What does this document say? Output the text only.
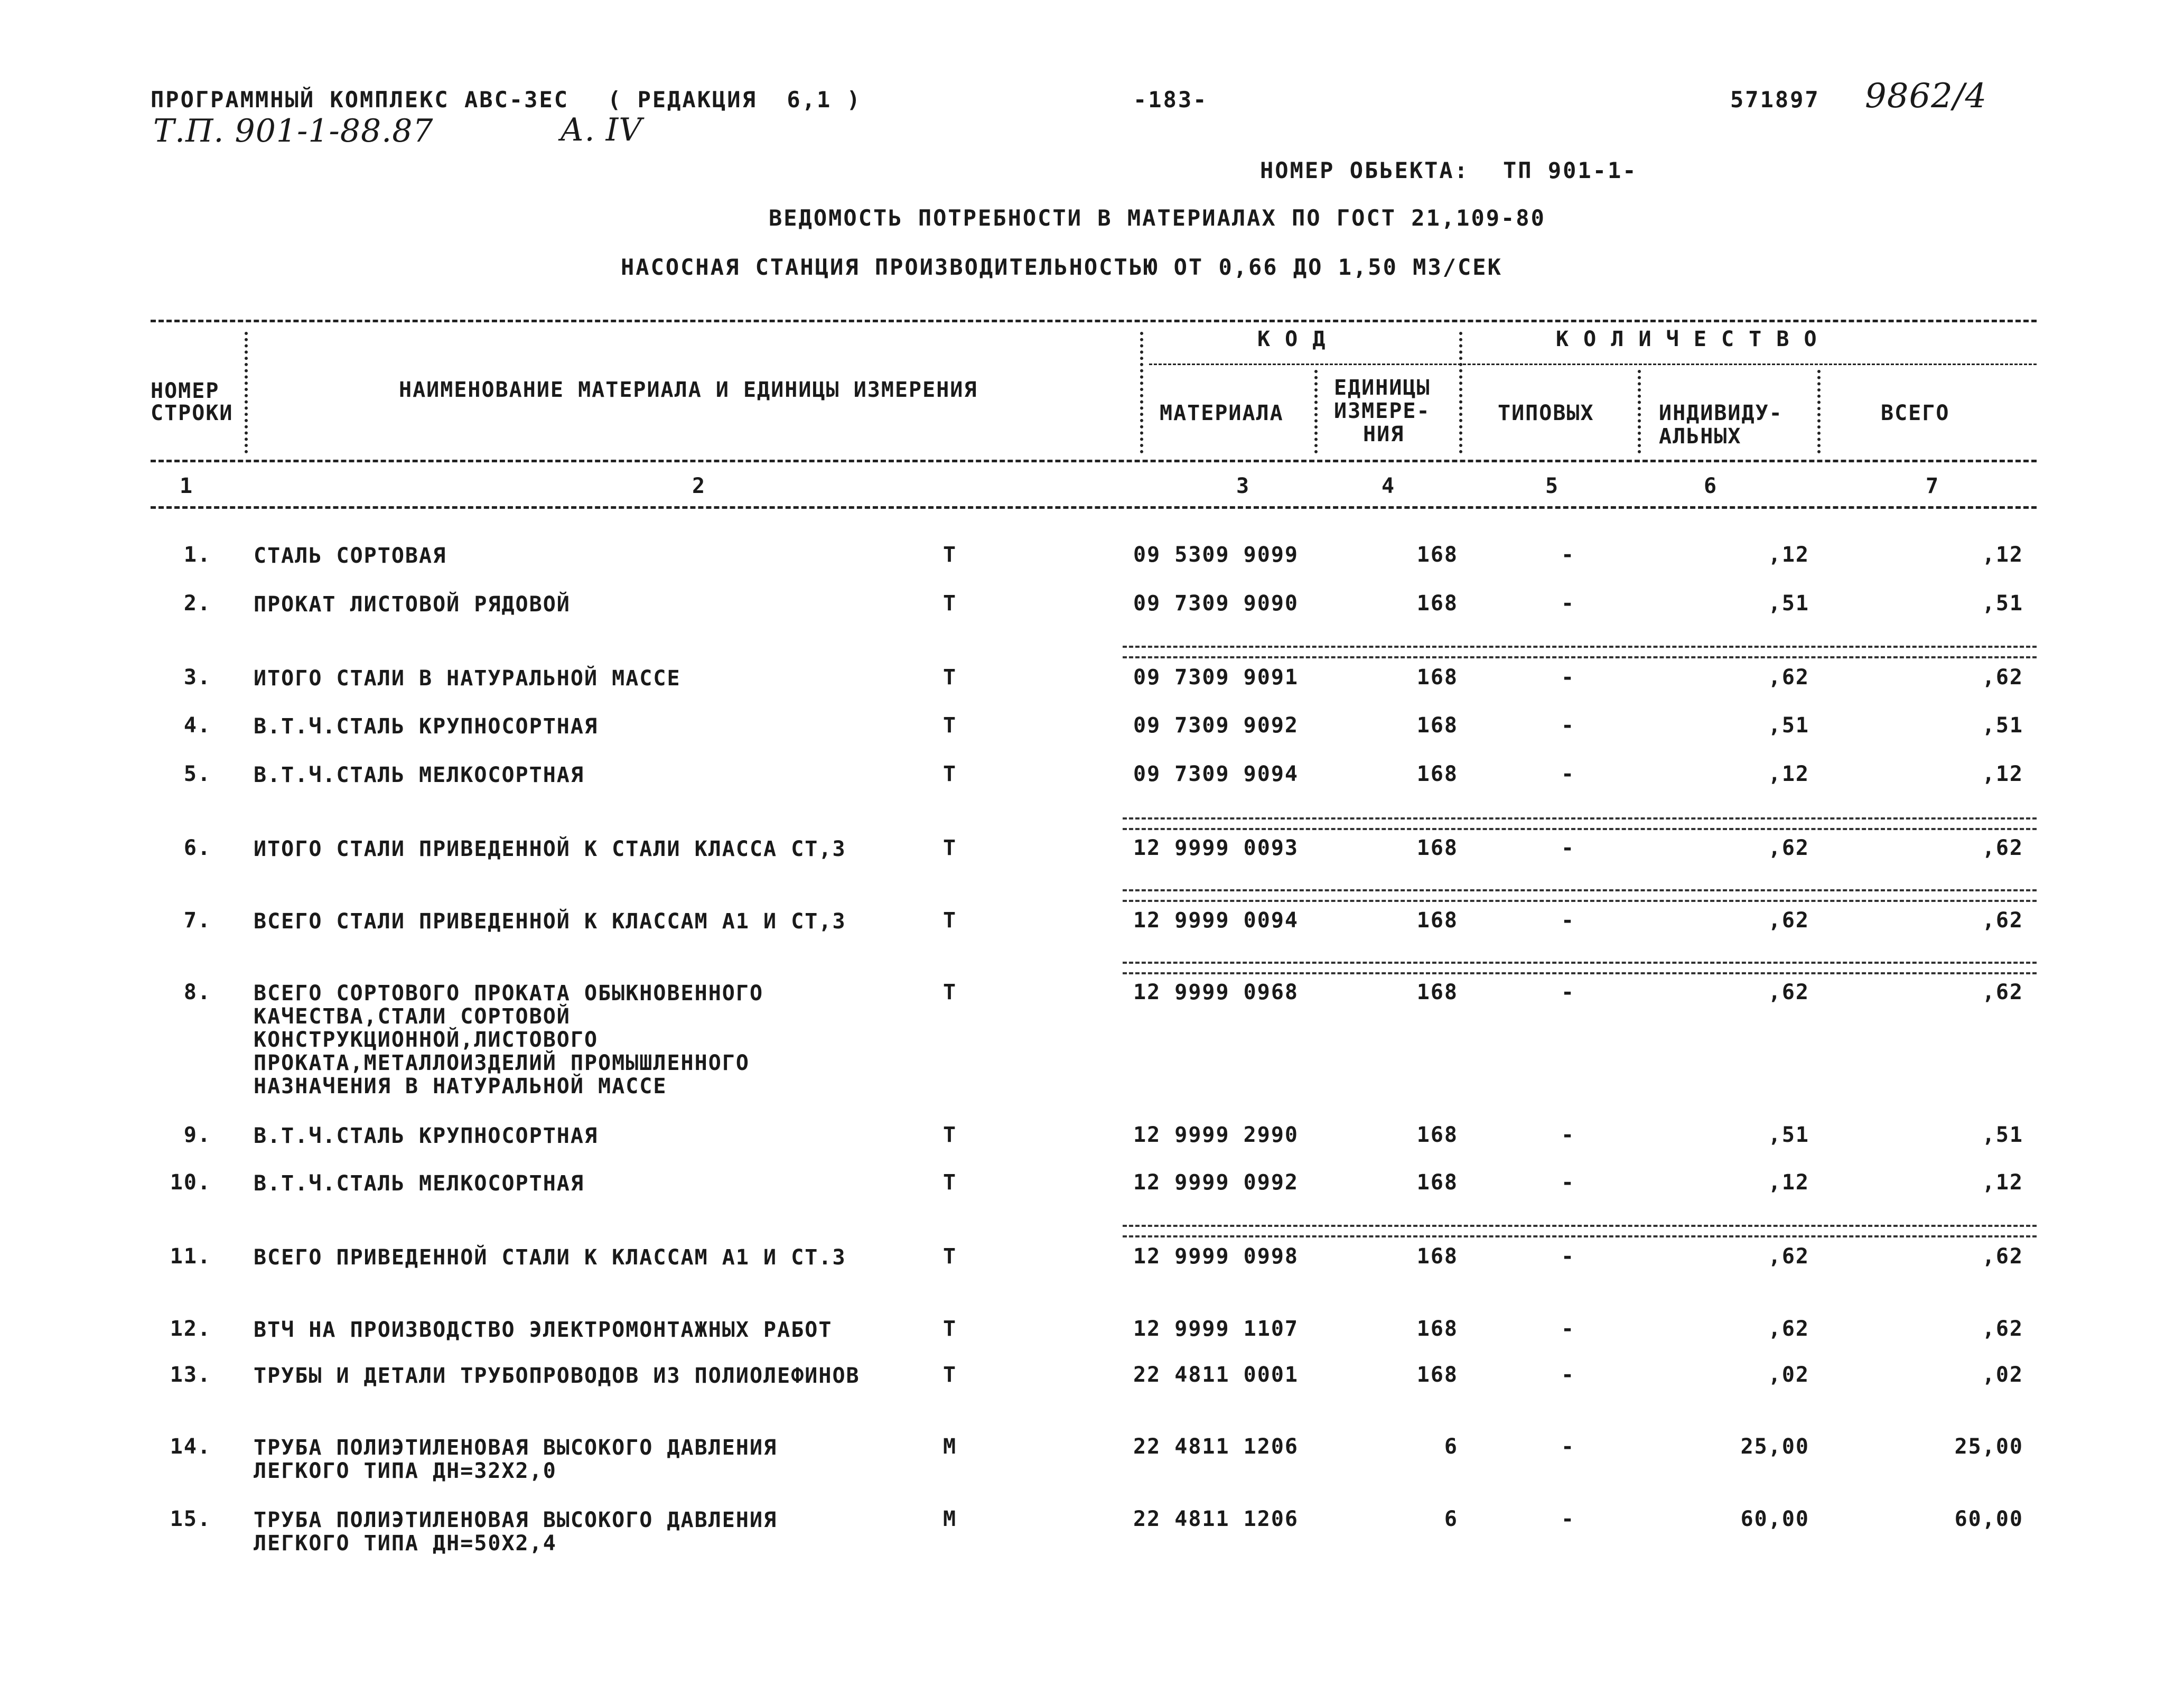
ПРОГРАММНЫЙ КОМПЛЕКС АВС-3ЕС ( РЕДАКЦИЯ  6,1 )	-183-	571897 9862/4
Т.П. 901-1-88.87	А. IV
НОМЕР ОБЬЕКТА: ТП 901-1-
ВЕДОМОСТЬ ПОТРЕБНОСТИ В МАТЕРИАЛАХ ПО ГОСТ 21,109-80
НАСОСНАЯ СТАНЦИЯ ПРОИЗВОДИТЕЛЬНОСТЬЮ ОТ 0,66 ДО 1,50 М3/СЕК
НОМЕР
СТРОКИ
НАИМЕНОВАНИЕ МАТЕРИАЛА И ЕДИНИЦЫ ИЗМЕРЕНИЯ
К О Д	К О Л И Ч Е С Т В О
МАТЕРИАЛА
ЕДИНИЦЫ
ИЗМЕРЕ-
НИЯ
ТИПОВЫХ	ИНДИВИДУ-
АЛЬНЫХ
ВСЕГО
1	2	3	4	5	6	7
1. СТАЛЬ СОРТОВАЯ	Т	09 5309 9099	168	-	,12	,12
2. ПРОКАТ ЛИСТОВОЙ РЯДОВОЙ	Т	09 7309 9090	168	-	,51	,51
3. ИТОГО СТАЛИ В НАТУРАЛЬНОЙ МАССЕ	Т	09 7309 9091	168	-	,62	,62
4. В.Т.Ч.СТАЛЬ КРУПНОСОРТНАЯ	Т	09 7309 9092	168	-	,51	,51
5. В.Т.Ч.СТАЛЬ МЕЛКОСОРТНАЯ	Т	09 7309 9094	168	-	,12	,12
6. ИТОГО СТАЛИ ПРИВЕДЕННОЙ К СТАЛИ КЛАССА СТ,3	Т	12 9999 0093	168	-	,62	,62
7. ВСЕГО СТАЛИ ПРИВЕДЕННОЙ К КЛАССАМ А1 И СТ,3	Т	12 9999 0094	168	-	,62	,62
8. ВСЕГО СОРТОВОГО ПРОКАТА ОБЫКНОВЕННОГО КАЧЕСТВА,СТАЛИ СОРТОВОЙ КОНСТРУКЦИОННОЙ,ЛИСТОВОГО ПРОКАТА,МЕТАЛЛОИЗДЕЛИЙ ПРОМЫШЛЕННОГО НАЗНАЧЕНИЯ В НАТУРАЛЬНОЙ МАССЕ
Т	12 9999 0968	168	-	,62	,62
9. В.Т.Ч.СТАЛЬ КРУПНОСОРТНАЯ	Т	12 9999 2990	168	-	,51	,51
10. В.Т.Ч.СТАЛЬ МЕЛКОСОРТНАЯ	Т	12 9999 0992	168	-	,12	,12
11. ВСЕГО ПРИВЕДЕННОЙ СТАЛИ К КЛАССАМ А1 И СТ.3	Т	12 9999 0998	168	-	,62	,62
12. ВТЧ НА ПРОИЗВОДСТВО ЭЛЕКТРОМОНТАЖНЫХ РАБОТ	Т	12 9999 1107	168	-	,62	,62
13. ТРУБЫ И ДЕТАЛИ ТРУБОПРОВОДОВ ИЗ ПОЛИОЛЕФИНОВ	Т	22 4811 0001	168	-	,02	,02
14. ТРУБА ПОЛИЭТИЛЕНОВАЯ ВЫСОКОГО ДАВЛЕНИЯ ЛЕГКОГО ТИПА ДН=32Х2,0
М	22 4811 1206	6	-	25,00	25,00
15. ТРУБА ПОЛИЭТИЛЕНОВАЯ ВЫСОКОГО ДАВЛЕНИЯ ЛЕГКОГО ТИПА ДН=50Х2,4
М	22 4811 1206	6	-	60,00	60,00
